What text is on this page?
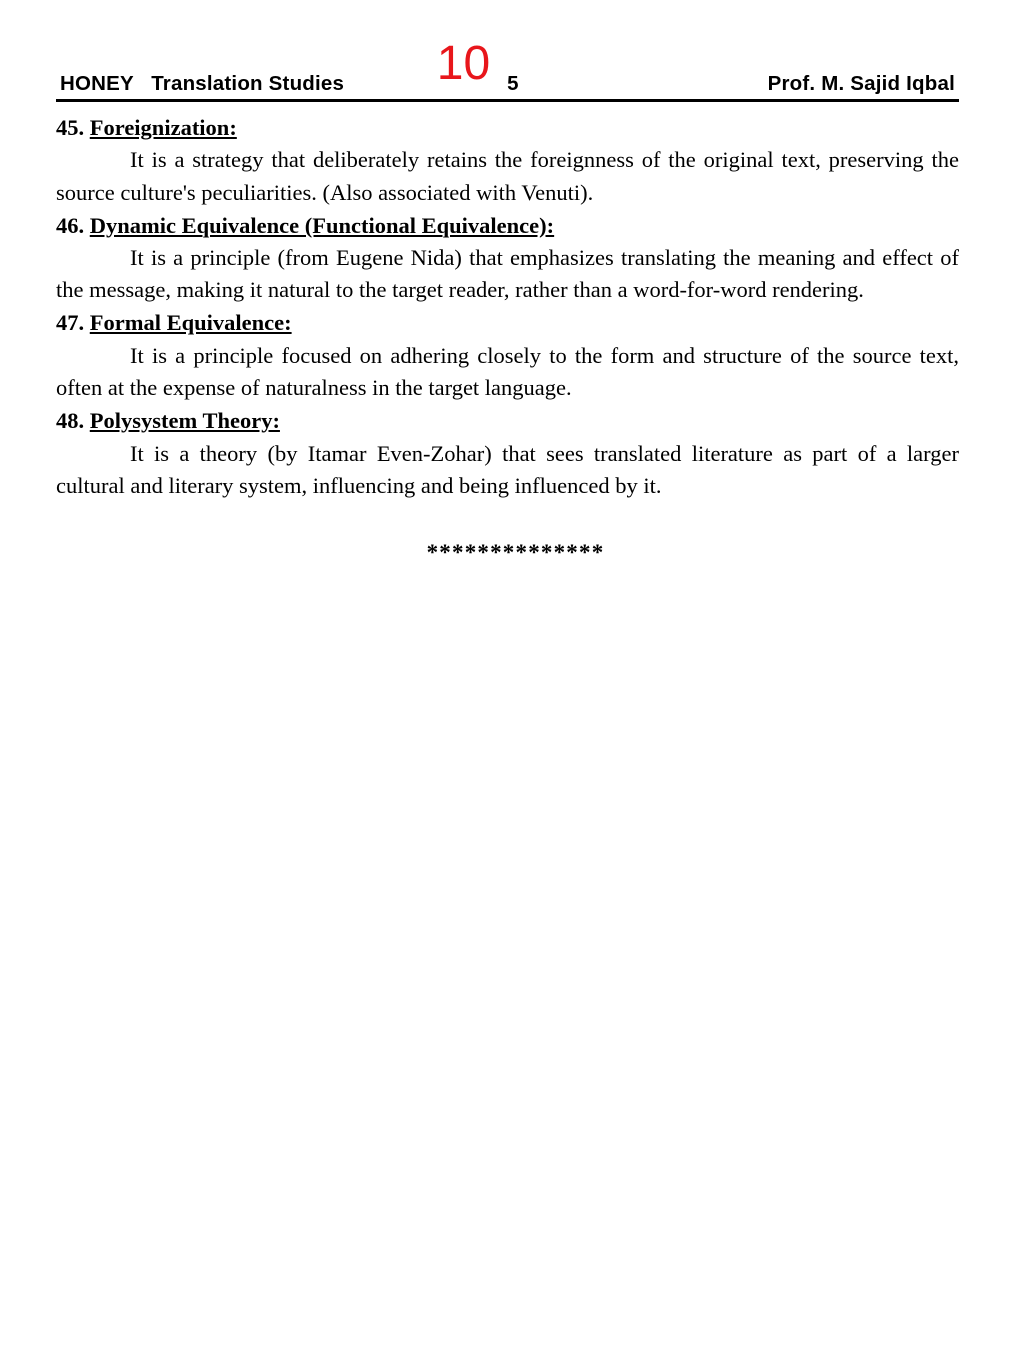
10
HONEY   Translation Studies	5	Prof. M. Sajid Iqbal

45. Foreignization:

It is a strategy that deliberately retains the foreignness of the original text, preserving the source culture's peculiarities. (Also associated with Venuti).

46. Dynamic Equivalence (Functional Equivalence):

It is a principle (from Eugene Nida) that emphasizes translating the meaning and effect of the message, making it natural to the target reader, rather than a word-for-word rendering.

47. Formal Equivalence:

It is a principle focused on adhering closely to the form and structure of the source text, often at the expense of naturalness in the target language.

48. Polysystem Theory:

It is a theory (by Itamar Even-Zohar) that sees translated literature as part of a larger cultural and literary system, influencing and being influenced by it.

**************
